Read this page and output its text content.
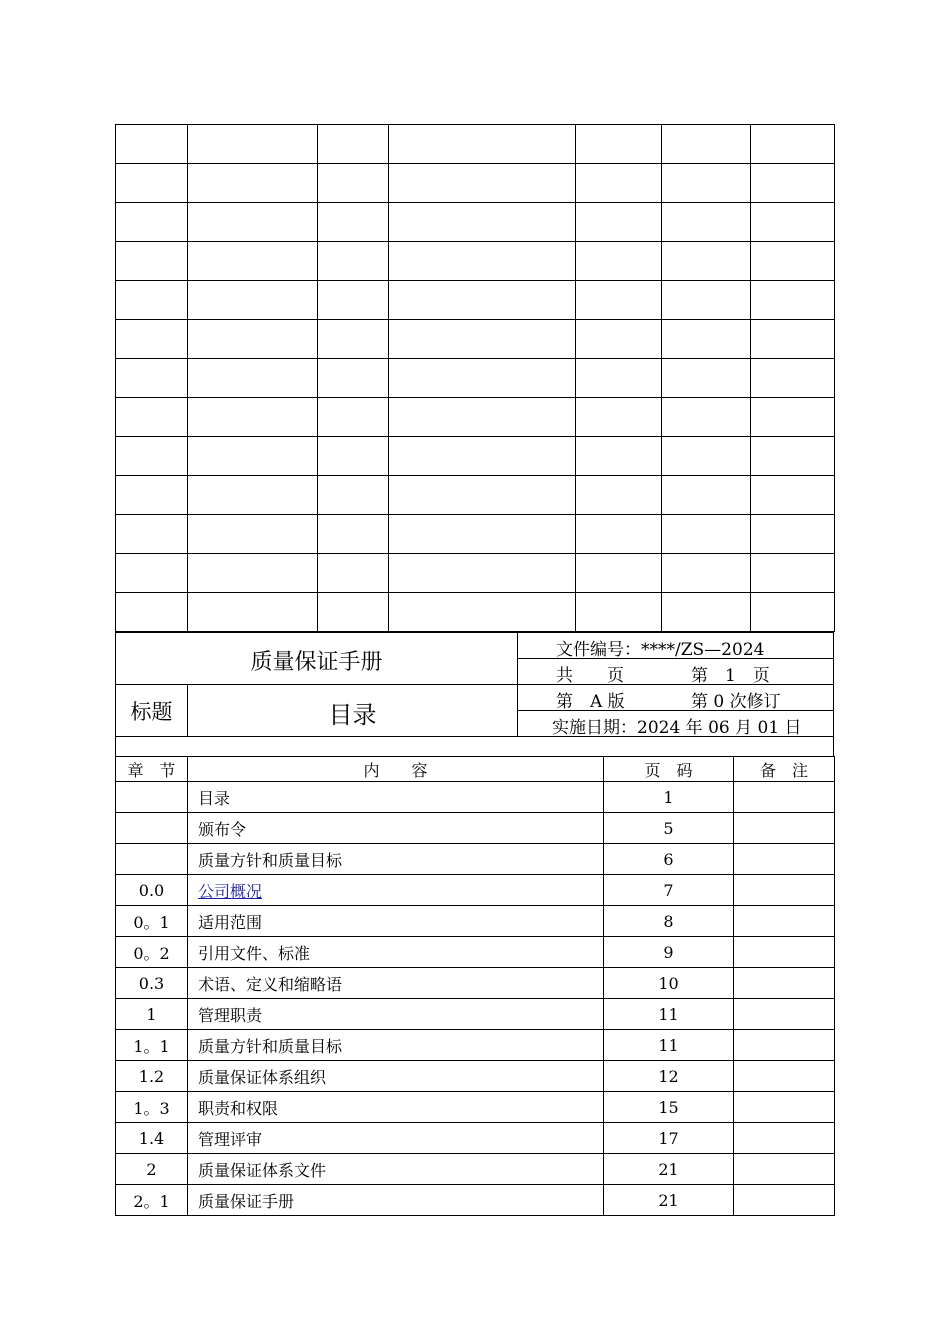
质量保证手册
标题	目录
文件编号：****/ZS—2024
共　　页	第　1　页
第　A 版	第 0 次修订
实施日期：2024 年 06 月 01 日
章　节	内　　容	页　码	备　注
	目录	1	
	颁布令	5	
	质量方针和质量目标	6	
0.0	公司概况	7	
0。1	适用范围	8	
0。2	引用文件、标准	9	
0.3	术语、定义和缩略语	10	
1	管理职责	11	
1。1	质量方针和质量目标	11	
1.2	质量保证体系组织	12	
1。3	职责和权限	15	
1.4	管理评审	17	
2	质量保证体系文件	21	
2。1	质量保证手册	21	
